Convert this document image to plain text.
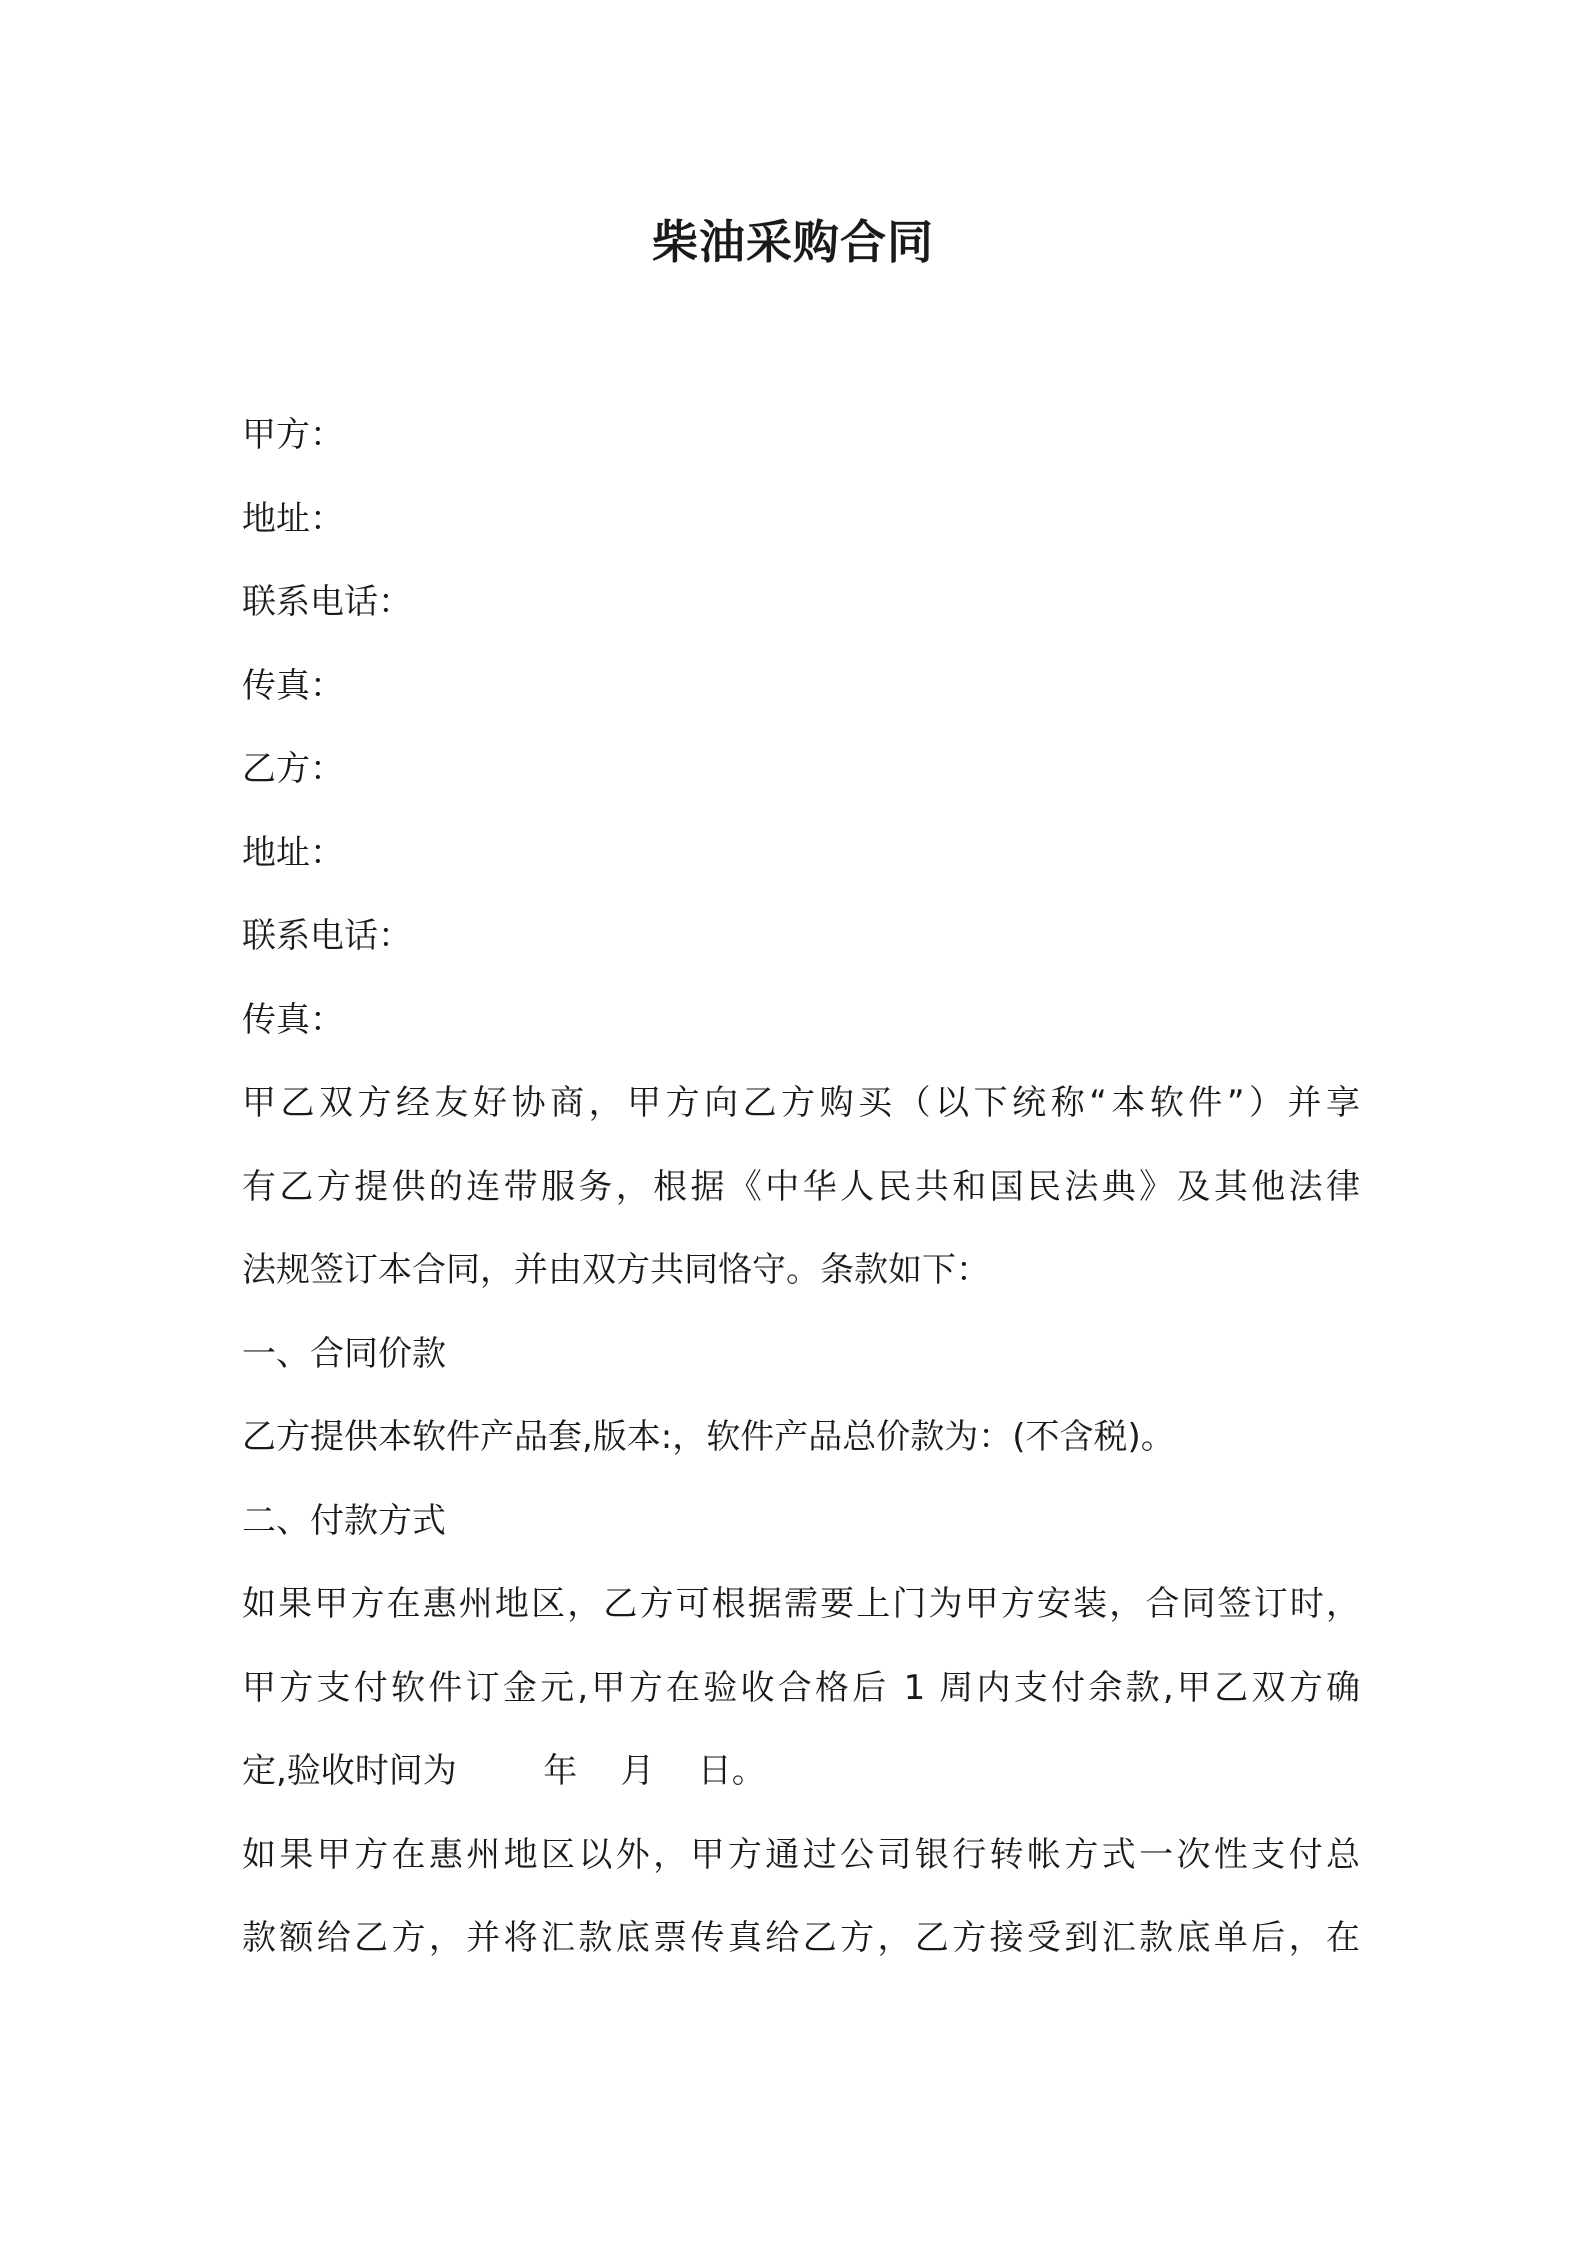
柴油采购合同
甲方：
地址：
联系电话：
传真：
乙方：
地址：
联系电话：
传真：
甲乙双方经友好协商，甲方向乙方购买（以下统称“本软件”）并享
有乙方提供的连带服务，根据《中华人民共和国民法典》及其他法律
法规签订本合同，并由双方共同恪守。条款如下：
一、合同价款
乙方提供本软件产品套,版本:，软件产品总价款为：(不含税)。
二、付款方式
如果甲方在惠州地区，乙方可根据需要上门为甲方安装，合同签订时，
甲方支付软件订金元,甲方在验收合格后 1 周内支付余款,甲乙双方确
定,验收时间为        年    月    日。
如果甲方在惠州地区以外，甲方通过公司银行转帐方式一次性支付总
款额给乙方，并将汇款底票传真给乙方，乙方接受到汇款底单后，在
